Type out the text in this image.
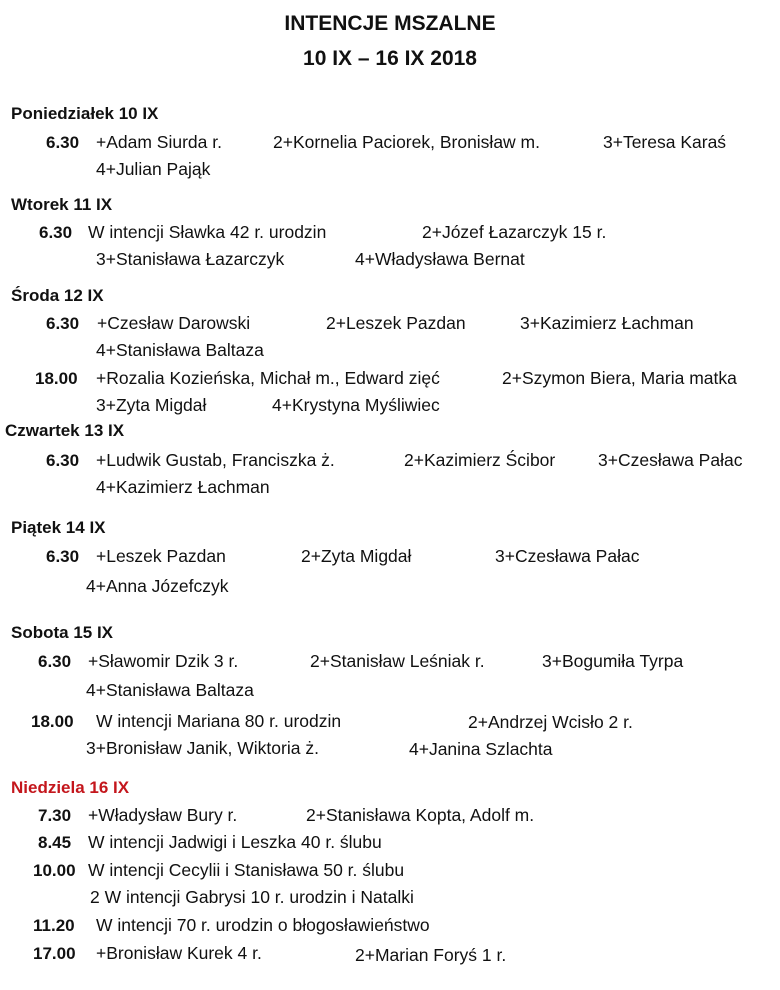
INTENCJE MSZALNE
10 IX – 16 IX 2018
Poniedziałek 10 IX
6.30 +Adam Siurda r.	2+Kornelia Paciorek, Bronisław m.	3+Teresa Karaś
4+Julian Pająk
Wtorek 11 IX
6.30 W intencji Sławka 42 r. urodzin	2+Józef Łazarczyk 15 r.
3+Stanisława Łazarczyk	4+Władysława Bernat
Środa 12 IX
6.30 +Czesław Darowski	2+Leszek Pazdan	3+Kazimierz Łachman
4+Stanisława Baltaza
18.00 +Rozalia Kozieńska, Michał m., Edward zięć	2+Szymon Biera, Maria matka
3+Zyta Migdał	4+Krystyna Myśliwiec
Czwartek 13 IX
6.30 +Ludwik Gustab, Franciszka ż.	2+Kazimierz Ścibor 3+Czesława Pałac
4+Kazimierz Łachman
Piątek 14 IX
6.30 +Leszek Pazdan	2+Zyta Migdał	3+Czesława Pałac
4+Anna Józefczyk
Sobota 15 IX
6.30 +Sławomir Dzik 3 r.	2+Stanisław Leśniak r.	3+Bogumiła Tyrpa
4+Stanisława Baltaza
18.00 W intencji Mariana 80 r. urodzin	2+Andrzej Wcisło 2 r.
3+Bronisław Janik, Wiktoria ż.	4+Janina Szlachta
Niedziela 16 IX
7.30 +Władysław Bury r.	2+Stanisława Kopta, Adolf m.
8.45 W intencji Jadwigi i Leszka 40 r. ślubu
10.00 W intencji Cecylii i Stanisława 50 r. ślubu
2 W intencji Gabrysi 10 r. urodzin i Natalki
11.20 W intencji 70 r. urodzin o błogosławieństwo
17.00 +Bronisław Kurek 4 r.	2+Marian Foryś 1 r.
